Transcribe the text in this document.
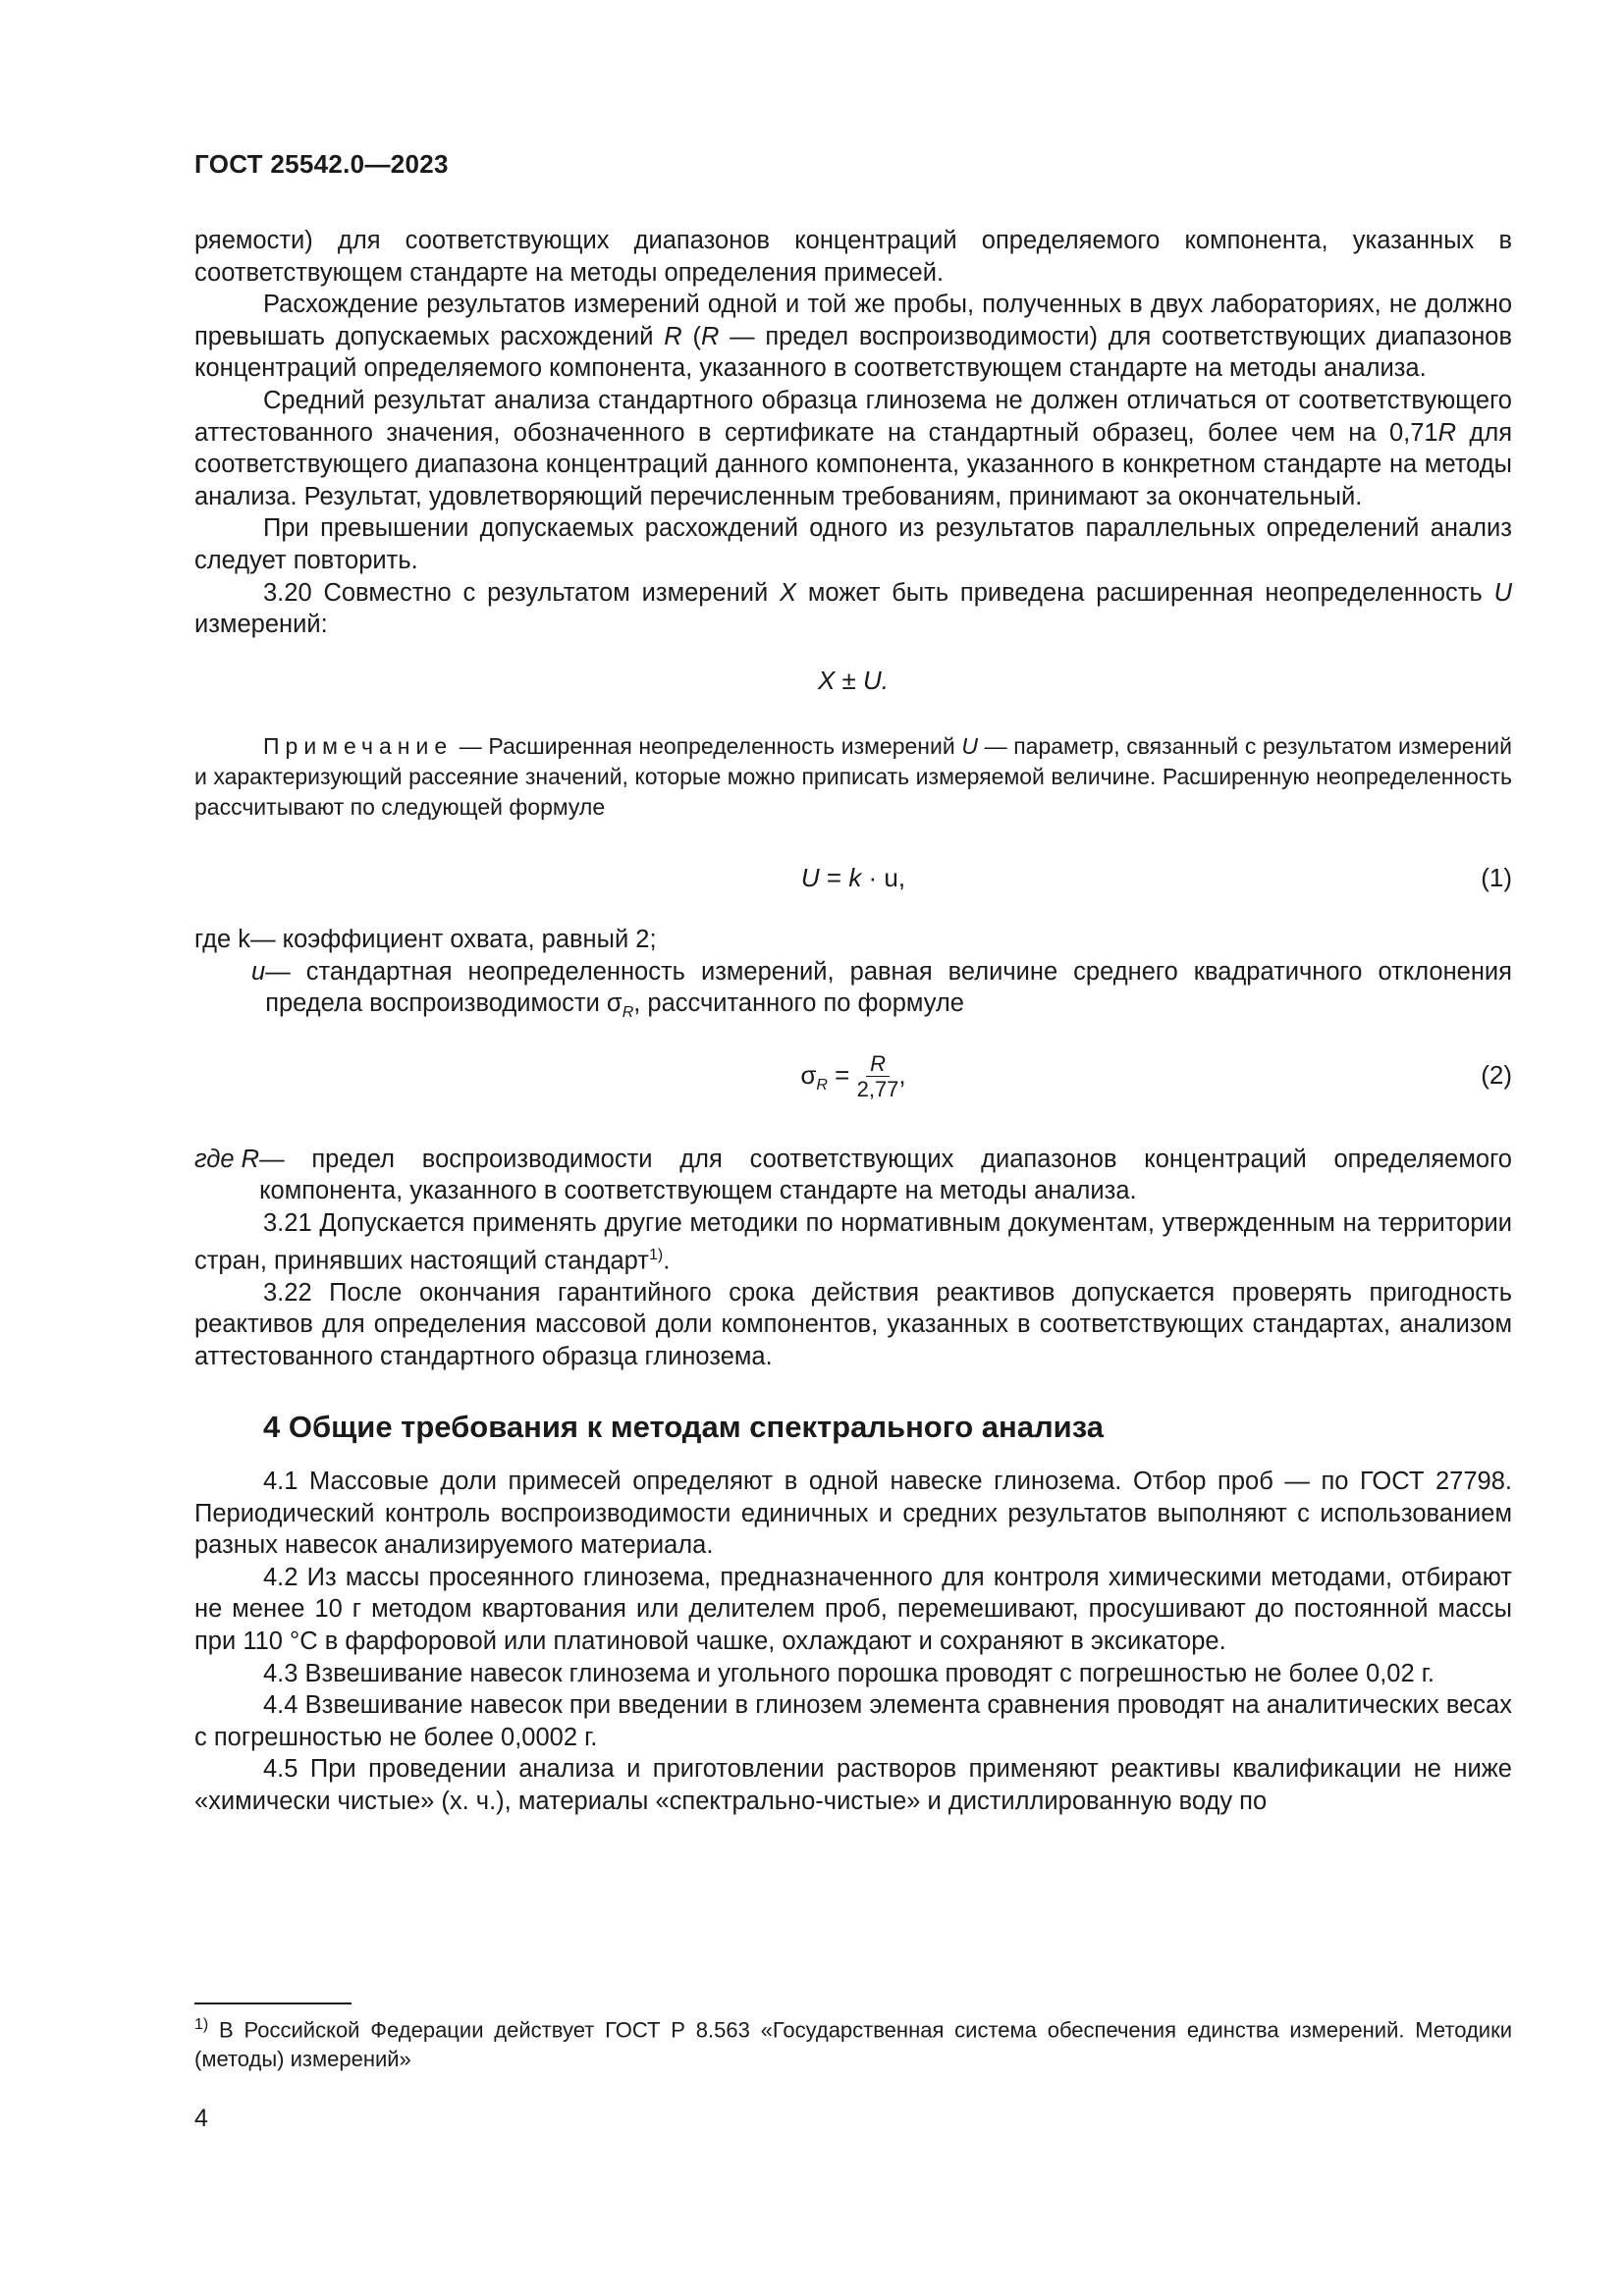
ГОСТ 25542.0—2023

ряемости) для соответствующих диапазонов концентраций определяемого компонента, указанных в соответствующем стандарте на методы определения примесей.

Расхождение результатов измерений одной и той же пробы, полученных в двух лабораториях, не должно превышать допускаемых расхождений R (R — предел воспроизводимости) для соответствующих диапазонов концентраций определяемого компонента, указанного в соответствующем стандарте на методы анализа.

Средний результат анализа стандартного образца глинозема не должен отличаться от соответствующего аттестованного значения, обозначенного в сертификате на стандартный образец, более чем на 0,71R для соответствующего диапазона концентраций данного компонента, указанного в конкретном стандарте на методы анализа. Результат, удовлетворяющий перечисленным требованиям, принимают за окончательный.

При превышении допускаемых расхождений одного из результатов параллельных определений анализ следует повторить.

3.20 Совместно с результатом измерений X может быть приведена расширенная неопределенность U измерений:

X ± U.

Примечание — Расширенная неопределенность измерений U — параметр, связанный с результатом измерений и характеризующий рассеяние значений, которые можно приписать измеряемой величине. Расширенную неопределенность рассчитывают по следующей формуле

U = k · u,	(1)
где k — коэффициент охвата, равный 2;
u — стандартная неопределенность измерений, равная величине среднего квадратичного отклонения предела воспроизводимости $\sigma_R$, рассчитанного по формуле
$\sigma_R = \frac{R}{2,77}$ ,	(2)
где R — предел воспроизводимости для соответствующих диапазонов концентраций определяемого компонента, указанного в соответствующем стандарте на методы анализа.

3.21 Допускается применять другие методики по нормативным документам, утвержденным на территории стран, принявших настоящий стандарт$^{1)}$.

3.22 После окончания гарантийного срока действия реактивов допускается проверять пригодность реактивов для определения массовой доли компонентов, указанных в соответствующих стандартах, анализом аттестованного стандартного образца глинозема.

4 Общие требования к методам спектрального анализа

4.1 Массовые доли примесей определяют в одной навеске глинозема. Отбор проб — по ГОСТ 27798. Периодический контроль воспроизводимости единичных и средних результатов выполняют с использованием разных навесок анализируемого материала.

4.2 Из массы просеянного глинозема, предназначенного для контроля химическими методами, отбирают не менее 10 г методом квартования или делителем проб, перемешивают, просушивают до постоянной массы при 110 °С в фарфоровой или платиновой чашке, охлаждают и сохраняют в эксикаторе.

4.3 Взвешивание навесок глинозема и угольного порошка проводят с погрешностью не более 0,02 г.

4.4 Взвешивание навесок при введении в глинозем элемента сравнения проводят на аналитических весах с погрешностью не более 0,0002 г.

4.5 При проведении анализа и приготовлении растворов применяют реактивы квалификации не ниже «химически чистые» (х. ч.), материалы «спектрально-чистые» и дистиллированную воду по

$^{1)}$ В Российской Федерации действует ГОСТ Р 8.563 «Государственная система обеспечения единства измерений. Методики (методы) измерений»
4
